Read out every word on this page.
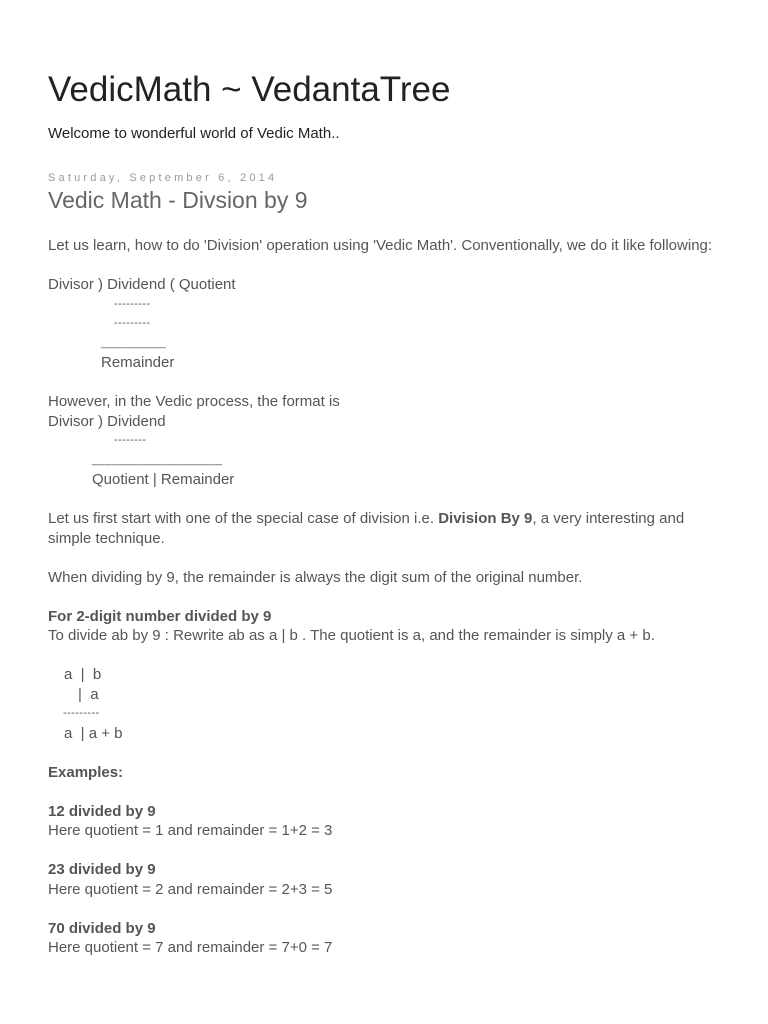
VedicMath ~ VedantaTree

Welcome to wonderful world of Vedic Math..

Saturday, September 6, 2014
Vedic Math - Divsion by 9

Let us learn, how to do 'Division' operation using 'Vedic Math'. Conventionally, we do it like following:

Divisor ) Dividend ( Quotient
---------
---------
__________
Remainder
However, in the Vedic process, the format is
Divisor ) Dividend
--------
____________________
Quotient | Remainder

Let us first start with one of the special case of division i.e. Division By 9, a very interesting and simple technique.

When dividing by 9, the remainder is always the digit sum of the original number.

For 2-digit number divided by 9

To divide ab by 9 : Rewrite ab as a | b . The quotient is a, and the remainder is simply a + b.

a  |  b
|  a
---------
a  | a + b

Examples:

12 divided by 9

Here quotient = 1 and remainder = 1+2 = 3

23 divided by 9

Here quotient = 2 and remainder = 2+3 = 5

70 divided by 9

Here quotient = 7 and remainder = 7+0 = 7
